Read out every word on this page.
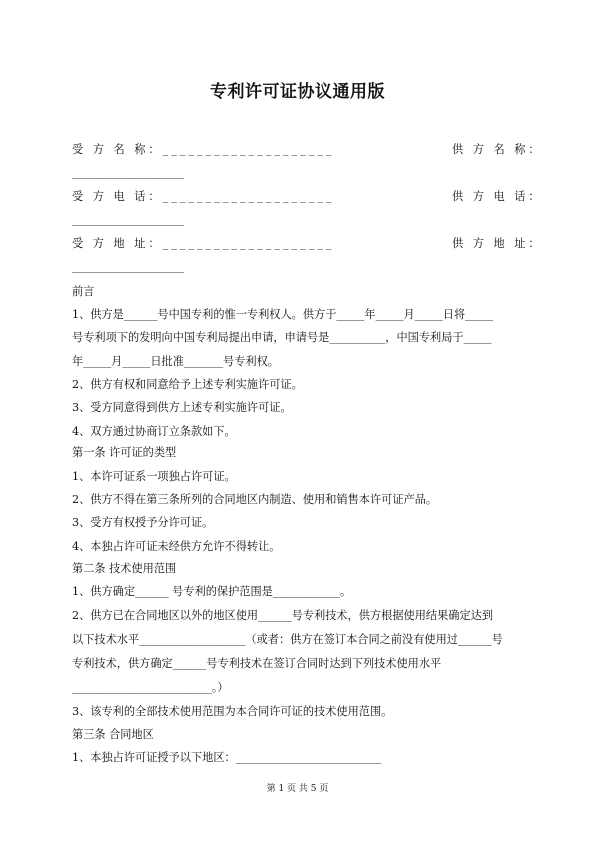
专利许可证协议通用版
受 方 名 称：____________________	供 方 名 称：
____________________
受 方 电 话：____________________	供 方 电 话：
____________________
受 方 地 址：____________________	供 方 地 址：
____________________
前言
1、供方是______号中国专利的惟一专利权人。供方于_____年_____月_____日将_____
号专利项下的发明向中国专利局提出申请，申请号是__________，中国专利局于_____
年_____月_____日批准_______号专利权。
2、供方有权和同意给予上述专利实施许可证。
3、受方同意得到供方上述专利实施许可证。
4、双方通过协商订立条款如下。
第一条 许可证的类型
1、本许可证系一项独占许可证。
2、供方不得在第三条所列的合同地区内制造、使用和销售本许可证产品。
3、受方有权授予分许可证。
4、本独占许可证未经供方允许不得转让。
第二条 技术使用范围
1、供方确定______ 号专利的保护范围是____________。
2、供方已在合同地区以外的地区使用______号专利技术，供方根据使用结果确定达到
以下技术水平___________________（或者：供方在签订本合同之前没有使用过______号
专利技术，供方确定______号专利技术在签订合同时达到下列技术使用水平
_________________________。）
3、该专利的全部技术使用范围为本合同许可证的技术使用范围。
第三条 合同地区
1、本独占许可证授予以下地区：__________________________
第 1 页 共 5 页
